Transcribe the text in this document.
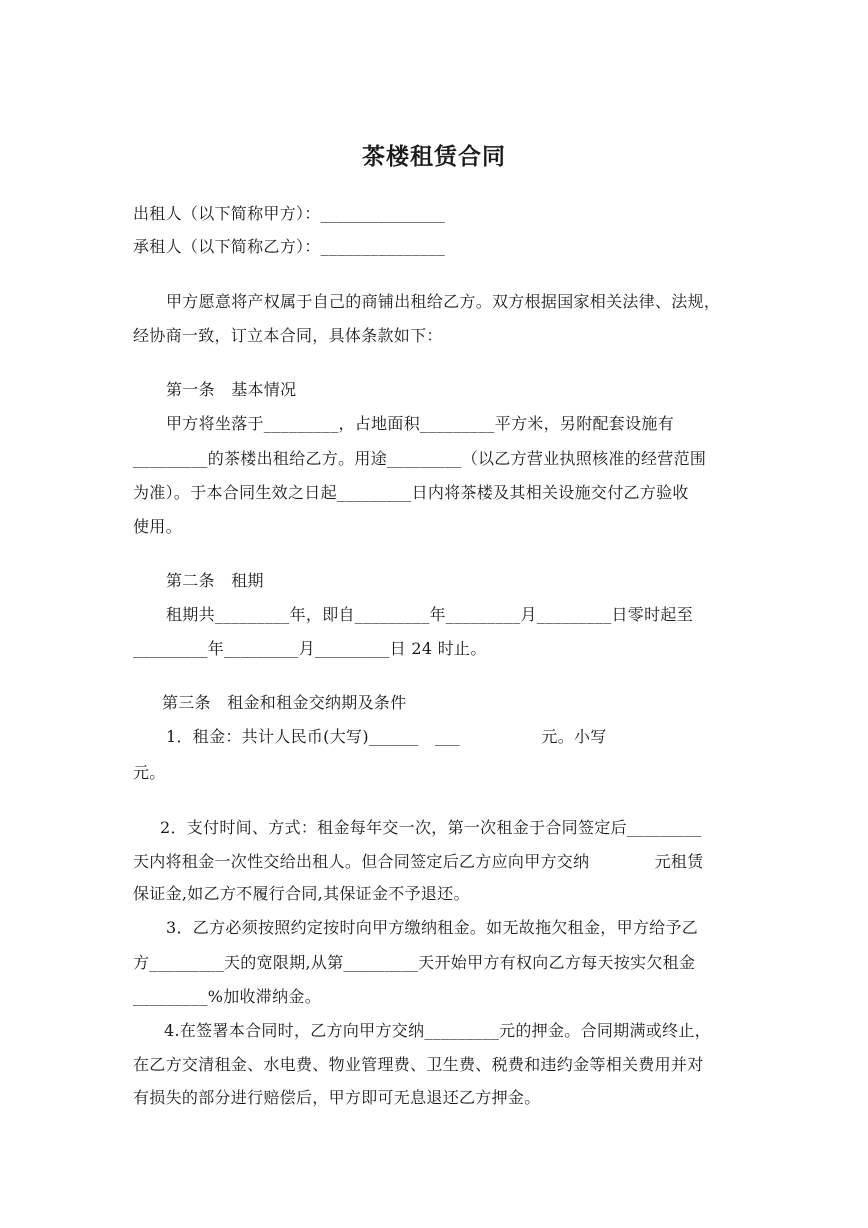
茶楼租赁合同
出租人（以下简称甲方）：_______________
承租人（以下简称乙方）：_______________
甲方愿意将产权属于自己的商铺出租给乙方。双方根据国家相关法律、法规，
经协商一致，订立本合同，具体条款如下：
第一条　基本情况
甲方将坐落于_________，占地面积_________平方米，另附配套设施有
_________的茶楼出租给乙方。用途_________（以乙方营业执照核准的经营范围
为准）。于本合同生效之日起_________日内将茶楼及其相关设施交付乙方验收
使用。
第二条　租期
租期共_________年，即自_________年_________月_________日零时起至
_________年_________月_________日 24 时止。
第三条　租金和租金交纳期及条件
1．租金：共计人民币(大写)______　___　　　　　元。小写
元。
2．支付时间、方式：租金每年交一次，第一次租金于合同签定后_________
天内将租金一次性交给出租人。但合同签定后乙方应向甲方交纳　　　　元租赁
保证金,如乙方不履行合同,其保证金不予退还。
3．乙方必须按照约定按时向甲方缴纳租金。如无故拖欠租金，甲方给予乙
方_________天的宽限期,从第_________天开始甲方有权向乙方每天按实欠租金
_________%加收滞纳金。
4.在签署本合同时，乙方向甲方交纳_________元的押金。合同期满或终止，
在乙方交清租金、水电费、物业管理费、卫生费、税费和违约金等相关费用并对
有损失的部分进行赔偿后，甲方即可无息退还乙方押金。
